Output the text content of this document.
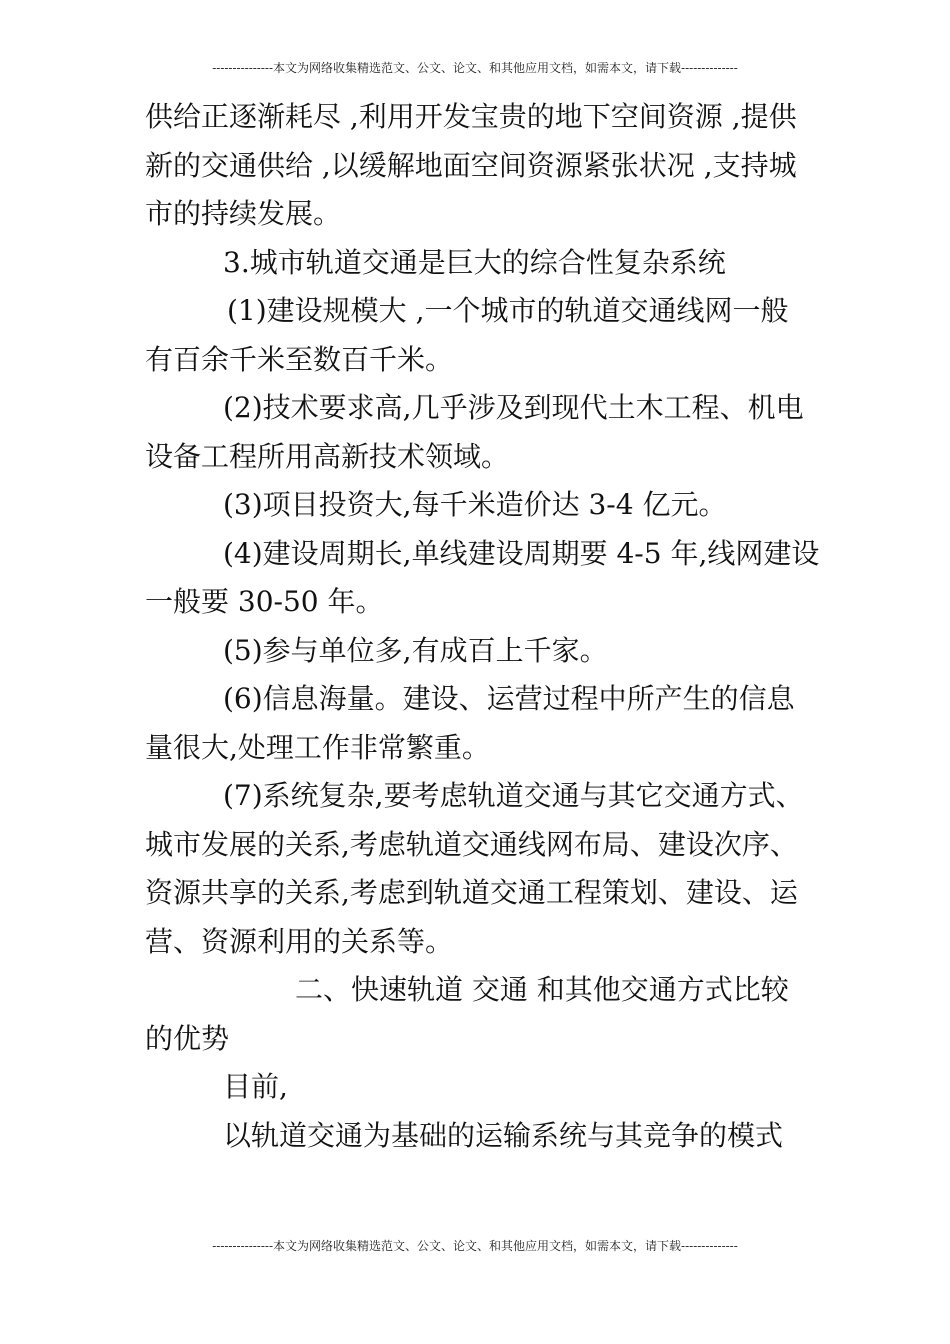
---------------本文为网络收集精选范文、公文、论文、和其他应用文档，如需本文，请下载--------------
供给正逐渐耗尽 ,利用开发宝贵的地下空间资源 ,提供
新的交通供给 ,以缓解地面空间资源紧张状况 ,支持城
市的持续发展。
3.城市轨道交通是巨大的综合性复杂系统
(1)建设规模大 ,一个城市的轨道交通线网一般
有百余千米至数百千米。
(2)技术要求高,几乎涉及到现代土木工程、机电
设备工程所用高新技术领域。
(3)项目投资大,每千米造价达 3-4 亿元。
(4)建设周期长,单线建设周期要 4-5 年,线网建设
一般要 30-50 年。
(5)参与单位多,有成百上千家。
(6)信息海量。建设、运营过程中所产生的信息
量很大,处理工作非常繁重。
(7)系统复杂,要考虑轨道交通与其它交通方式、
城市发展的关系,考虑轨道交通线网布局、建设次序、
资源共享的关系,考虑到轨道交通工程策划、建设、运
营、资源利用的关系等。
二、快速轨道 交通 和其他交通方式比较
的优势
目前,
以轨道交通为基础的运输系统与其竞争的模式
---------------本文为网络收集精选范文、公文、论文、和其他应用文档，如需本文，请下载--------------
